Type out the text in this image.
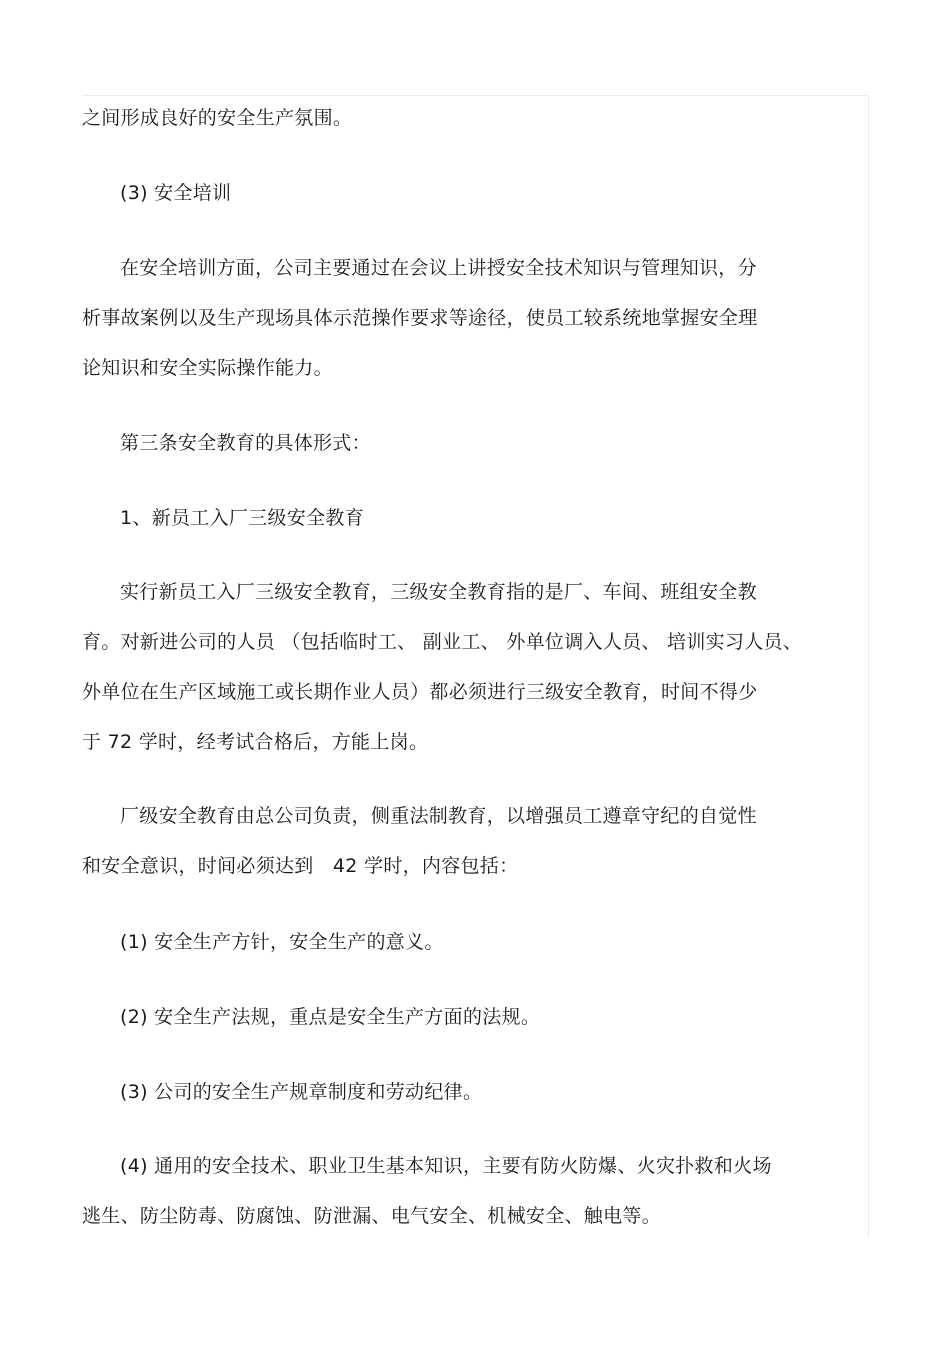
之间形成良好的安全生产氛围。
(3) 安全培训
在安全培训方面，公司主要通过在会议上讲授安全技术知识与管理知识，分
析事故案例以及生产现场具体示范操作要求等途径，使员工较系统地掌握安全理
论知识和安全实际操作能力。
第三条安全教育的具体形式：
1、新员工入厂三级安全教育
实行新员工入厂三级安全教育，三级安全教育指的是厂、车间、班组安全教
育。对新进公司的人员 （包括临时工、 副业工、 外单位调入人员、 培训实习人员、
外单位在生产区域施工或长期作业人员）都必须进行三级安全教育，时间不得少
于 72 学时，经考试合格后，方能上岗。
厂级安全教育由总公司负责，侧重法制教育，以增强员工遵章守纪的自觉性
和安全意识，时间必须达到　42 学时，内容包括：
(1) 安全生产方针，安全生产的意义。
(2) 安全生产法规，重点是安全生产方面的法规。
(3) 公司的安全生产规章制度和劳动纪律。
(4) 通用的安全技术、职业卫生基本知识，主要有防火防爆、火灾扑救和火场
逃生、防尘防毒、防腐蚀、防泄漏、电气安全、机械安全、触电等。
